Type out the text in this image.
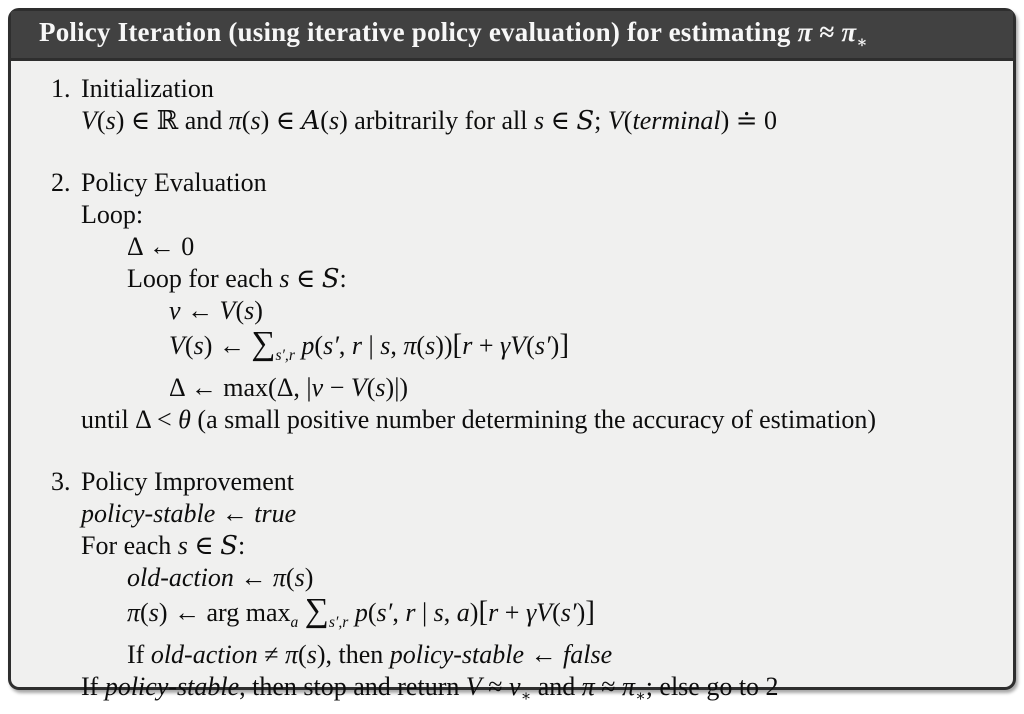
Policy Iteration (using iterative policy evaluation) for estimating $\pi \approx \pi_∗$
1. Initialization
V(s) ∈ ℝ and π(s) ∈ A(s) arbitrarily for all s ∈ S; V(terminal) ≐ 0
2. Policy Evaluation
Loop:
Δ ← 0
Loop for each s ∈ S:
v ← V(s)
V(s) ← $\sum_{s',r}$ p(s′, r | s, π(s))[r + γV(s′)]
Δ ← max(Δ, |v − V(s)|)
until Δ < θ (a small positive number determining the accuracy of estimation)
3. Policy Improvement
policy-stable ← true
For each s ∈ S:
old-action ← π(s)
π(s) ← arg $\max_a \sum_{s',r}$ p(s′, r | s, a)[r + γV(s′)]
If old-action ≠ π(s), then policy-stable ← false
If policy-stable, then stop and return $V \approx v_∗$ and $\pi \approx \pi_∗$; else go to 2
